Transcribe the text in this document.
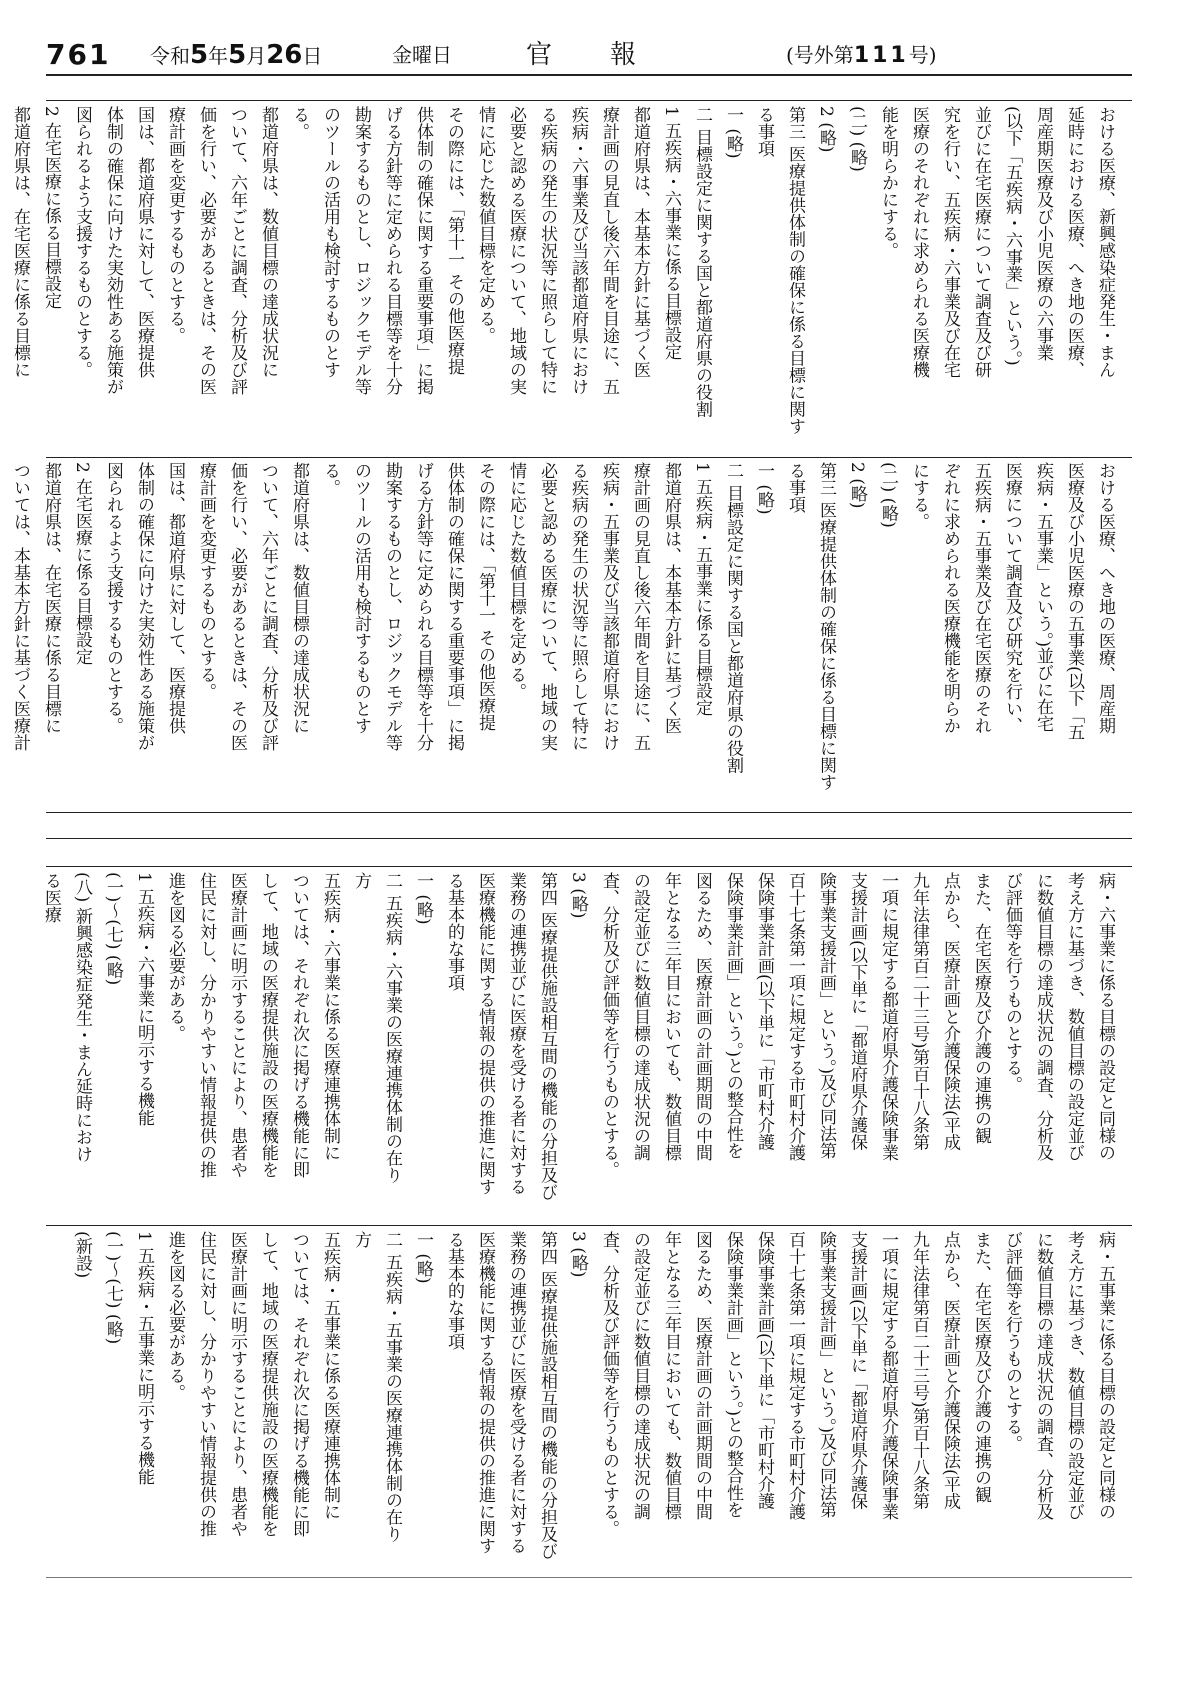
761 令和5年5月26日	金曜日	官報	(号外第111号)
おける医療、新興感染症発生・まん
延時における医療、へき地の医療、
周産期医療及び小児医療の六事業
(以下「五疾病・六事業」という。)
並びに在宅医療について調査及び研
究を行い、五疾病・六事業及び在宅
医療のそれぞれに求められる医療機
能を明らかにする。
(二) (略)
2 (略)
第三 医療提供体制の確保に係る目標に関す
る事項
一 (略)
二 目標設定に関する国と都道府県の役割
1 五疾病・六事業に係る目標設定
都道府県は、本基本方針に基づく医
療計画の見直し後六年間を目途に、五
疾病・六事業及び当該都道府県におけ
る疾病の発生の状況等に照らして特に
必要と認める医療について、地域の実
情に応じた数値目標を定める。
その際には、「第十一 その他医療提
供体制の確保に関する重要事項」に掲
げる方針等に定められる目標等を十分
勘案するものとし、ロジックモデル等
のツールの活用も検討するものとす
る。
都道府県は、数値目標の達成状況に
ついて、六年ごとに調査、分析及び評
価を行い、必要があるときは、その医
療計画を変更するものとする。
国は、都道府県に対して、医療提供
体制の確保に向けた実効性ある施策が
図られるよう支援するものとする。
2 在宅医療に係る目標設定
都道府県は、在宅医療に係る目標に

おける医療、へき地の医療、周産期
医療及び小児医療の五事業(以下「五
疾病・五事業」という。)並びに在宅
医療について調査及び研究を行い、
五疾病・五事業及び在宅医療のそれ
ぞれに求められる医療機能を明らか
にする。
(二) (略)
2 (略)
第三 医療提供体制の確保に係る目標に関す
る事項
一 (略)
二 目標設定に関する国と都道府県の役割
1 五疾病・五事業に係る目標設定
都道府県は、本基本方針に基づく医
療計画の見直し後六年間を目途に、五
疾病・五事業及び当該都道府県におけ
る疾病の発生の状況等に照らして特に
必要と認める医療について、地域の実
情に応じた数値目標を定める。
その際には、「第十一 その他医療提
供体制の確保に関する重要事項」に掲
げる方針等に定められる目標等を十分
勘案するものとし、ロジックモデル等
のツールの活用も検討するものとす
る。
都道府県は、数値目標の達成状況に
ついて、六年ごとに調査、分析及び評
価を行い、必要があるときは、その医
療計画を変更するものとする。
国は、都道府県に対して、医療提供
体制の確保に向けた実効性ある施策が
図られるよう支援するものとする。
2 在宅医療に係る目標設定
都道府県は、在宅医療に係る目標に
ついては、本基本方針に基づく医療計

病・六事業に係る目標の設定と同様の
考え方に基づき、数値目標の設定並び
に数値目標の達成状況の調査、分析及
び評価等を行うものとする。
また、在宅医療及び介護の連携の観
点から、医療計画と介護保険法(平成
九年法律第百二十三号)第百十八条第
一項に規定する都道府県介護保険事業
支援計画(以下単に「都道府県介護保
険事業支援計画」という。)及び同法第
百十七条第一項に規定する市町村介護
保険事業計画(以下単に「市町村介護
保険事業計画」という。)との整合性を
図るため、医療計画の計画期間の中間
年となる三年目においても、数値目標
の設定並びに数値目標の達成状況の調
査、分析及び評価等を行うものとする。
3 (略)
第四 医療提供施設相互間の機能の分担及び
業務の連携並びに医療を受ける者に対する
医療機能に関する情報の提供の推進に関す
る基本的な事項
一 (略)
二 五疾病・六事業の医療連携体制の在り
方
五疾病・六事業に係る医療連携体制に
ついては、それぞれ次に掲げる機能に即
して、地域の医療提供施設の医療機能を
医療計画に明示することにより、患者や
住民に対し、分かりやすい情報提供の推
進を図る必要がある。
1 五疾病・六事業に明示する機能
(一)〜(七) (略)
(八) 新興感染症発生・まん延時におけ
る医療
病・五事業に係る目標の設定と同様の
考え方に基づき、数値目標の設定並び
に数値目標の達成状況の調査、分析及
び評価等を行うものとする。
また、在宅医療及び介護の連携の観
点から、医療計画と介護保険法(平成
九年法律第百二十三号)第百十八条第
一項に規定する都道府県介護保険事業
支援計画(以下単に「都道府県介護保
険事業支援計画」という。)及び同法第
百十七条第一項に規定する市町村介護
保険事業計画(以下単に「市町村介護
保険事業計画」という。)との整合性を
図るため、医療計画の計画期間の中間
年となる三年目においても、数値目標
の設定並びに数値目標の達成状況の調
査、分析及び評価等を行うものとする。
3 (略)
第四 医療提供施設相互間の機能の分担及び
業務の連携並びに医療を受ける者に対する
医療機能に関する情報の提供の推進に関す
る基本的な事項
一 (略)
二 五疾病・五事業の医療連携体制の在り
方
五疾病・五事業に係る医療連携体制に
ついては、それぞれ次に掲げる機能に即
して、地域の医療提供施設の医療機能を
医療計画に明示することにより、患者や
住民に対し、分かりやすい情報提供の推
進を図る必要がある。
1 五疾病・五事業に明示する機能
(一)〜(七) (略)
(新設)
